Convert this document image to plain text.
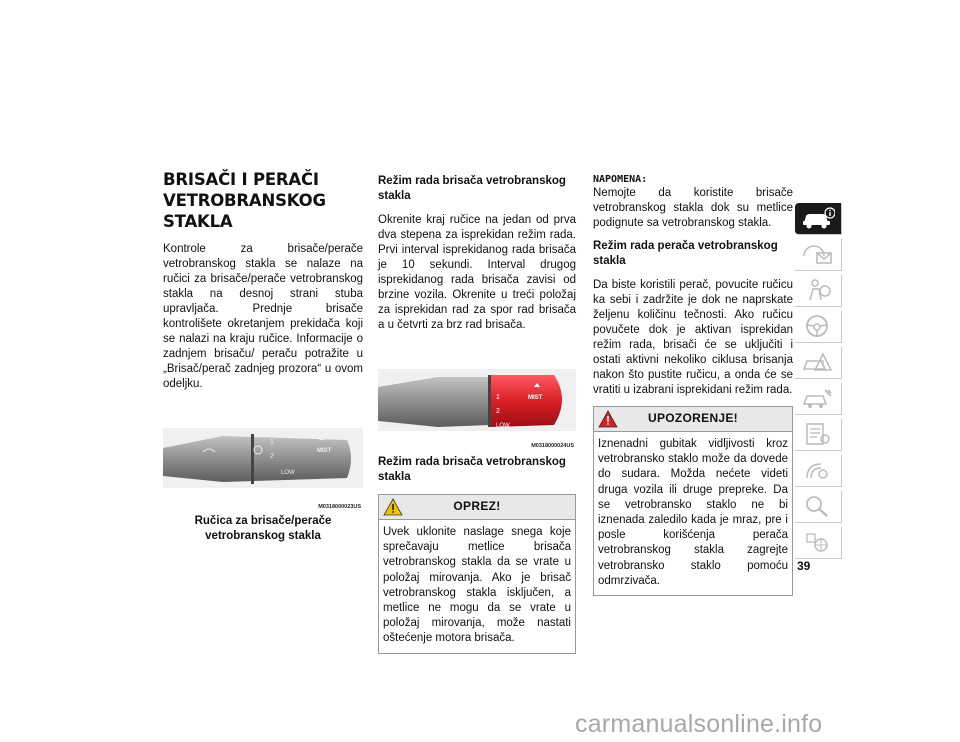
BRISAČI I PERAČI
VETROBRANSKOG STAKLA

Kontrole za brisače/perače vetrobranskog stakla se nalaze na ručici za brisače/perače vetrobranskog stakla na desnoj strani stuba upravljača. Prednje brisače kontrolišete okretanjem prekidača koji se nalazi na kraju ručice. Informacije o zadnjem brisaču/ peraču potražite u „Brisač/perač zadnjeg prozora“ u ovom odeljku.

1
2
LOW
MIST
M0318000023US
Ručica za brisače/perače
vetrobranskog stakla
Režim rada brisača vetrobranskog stakla

Okrenite kraj ručice na jedan od prva dva stepena za isprekidan režim rada. Prvi interval isprekidanog rada brisača je 10 sekundi. Interval drugog isprekidanog rada brisača zavisi od brzine vozila. Okrenite u treći položaj za isprekidan rad za spor rad brisača a u četvrti za brz rad brisača.

1
2
LOW
MIST
M0318000024US
Režim rada brisača vetrobranskog stakla
OPREZ!
Uvek uklonite naslage snega koje sprečavaju metlice brisača vetrobranskog stakla da se vrate u položaj mirovanja. Ako je brisač vetrobranskog stakla isključen, a metlice ne mogu da se vrate u položaj mirovanja, može nastati oštećenje motora brisača.
NAPOMENA:

Nemojte da koristite brisače vetrobranskog stakla dok su metlice podignute sa vetrobranskog stakla.

Režim rada perača vetrobranskog stakla

Da biste koristili perač, povucite ručicu ka sebi i zadržite je dok ne naprskate željenu količinu tečnosti. Ako ručicu povučete dok je aktivan isprekidan režim rada, brisači će se uključiti i ostati aktivni nekoliko ciklusa brisanja nakon što pustite ručicu, a onda će se vratiti u izabrani isprekidani režim rada.

UPOZORENJE!
Iznenadni gubitak vidljivosti kroz vetrobransko staklo može da dovede do sudara. Možda nećete videti druga vozila ili druge prepreke. Da se vetrobransko staklo ne bi iznenada zaledilo kada je mraz, pre i posle korišćenja perača vetrobranskog stakla zagrejte vetrobransko staklo pomoću odmrzivača.
39
carmanualsonline.info
